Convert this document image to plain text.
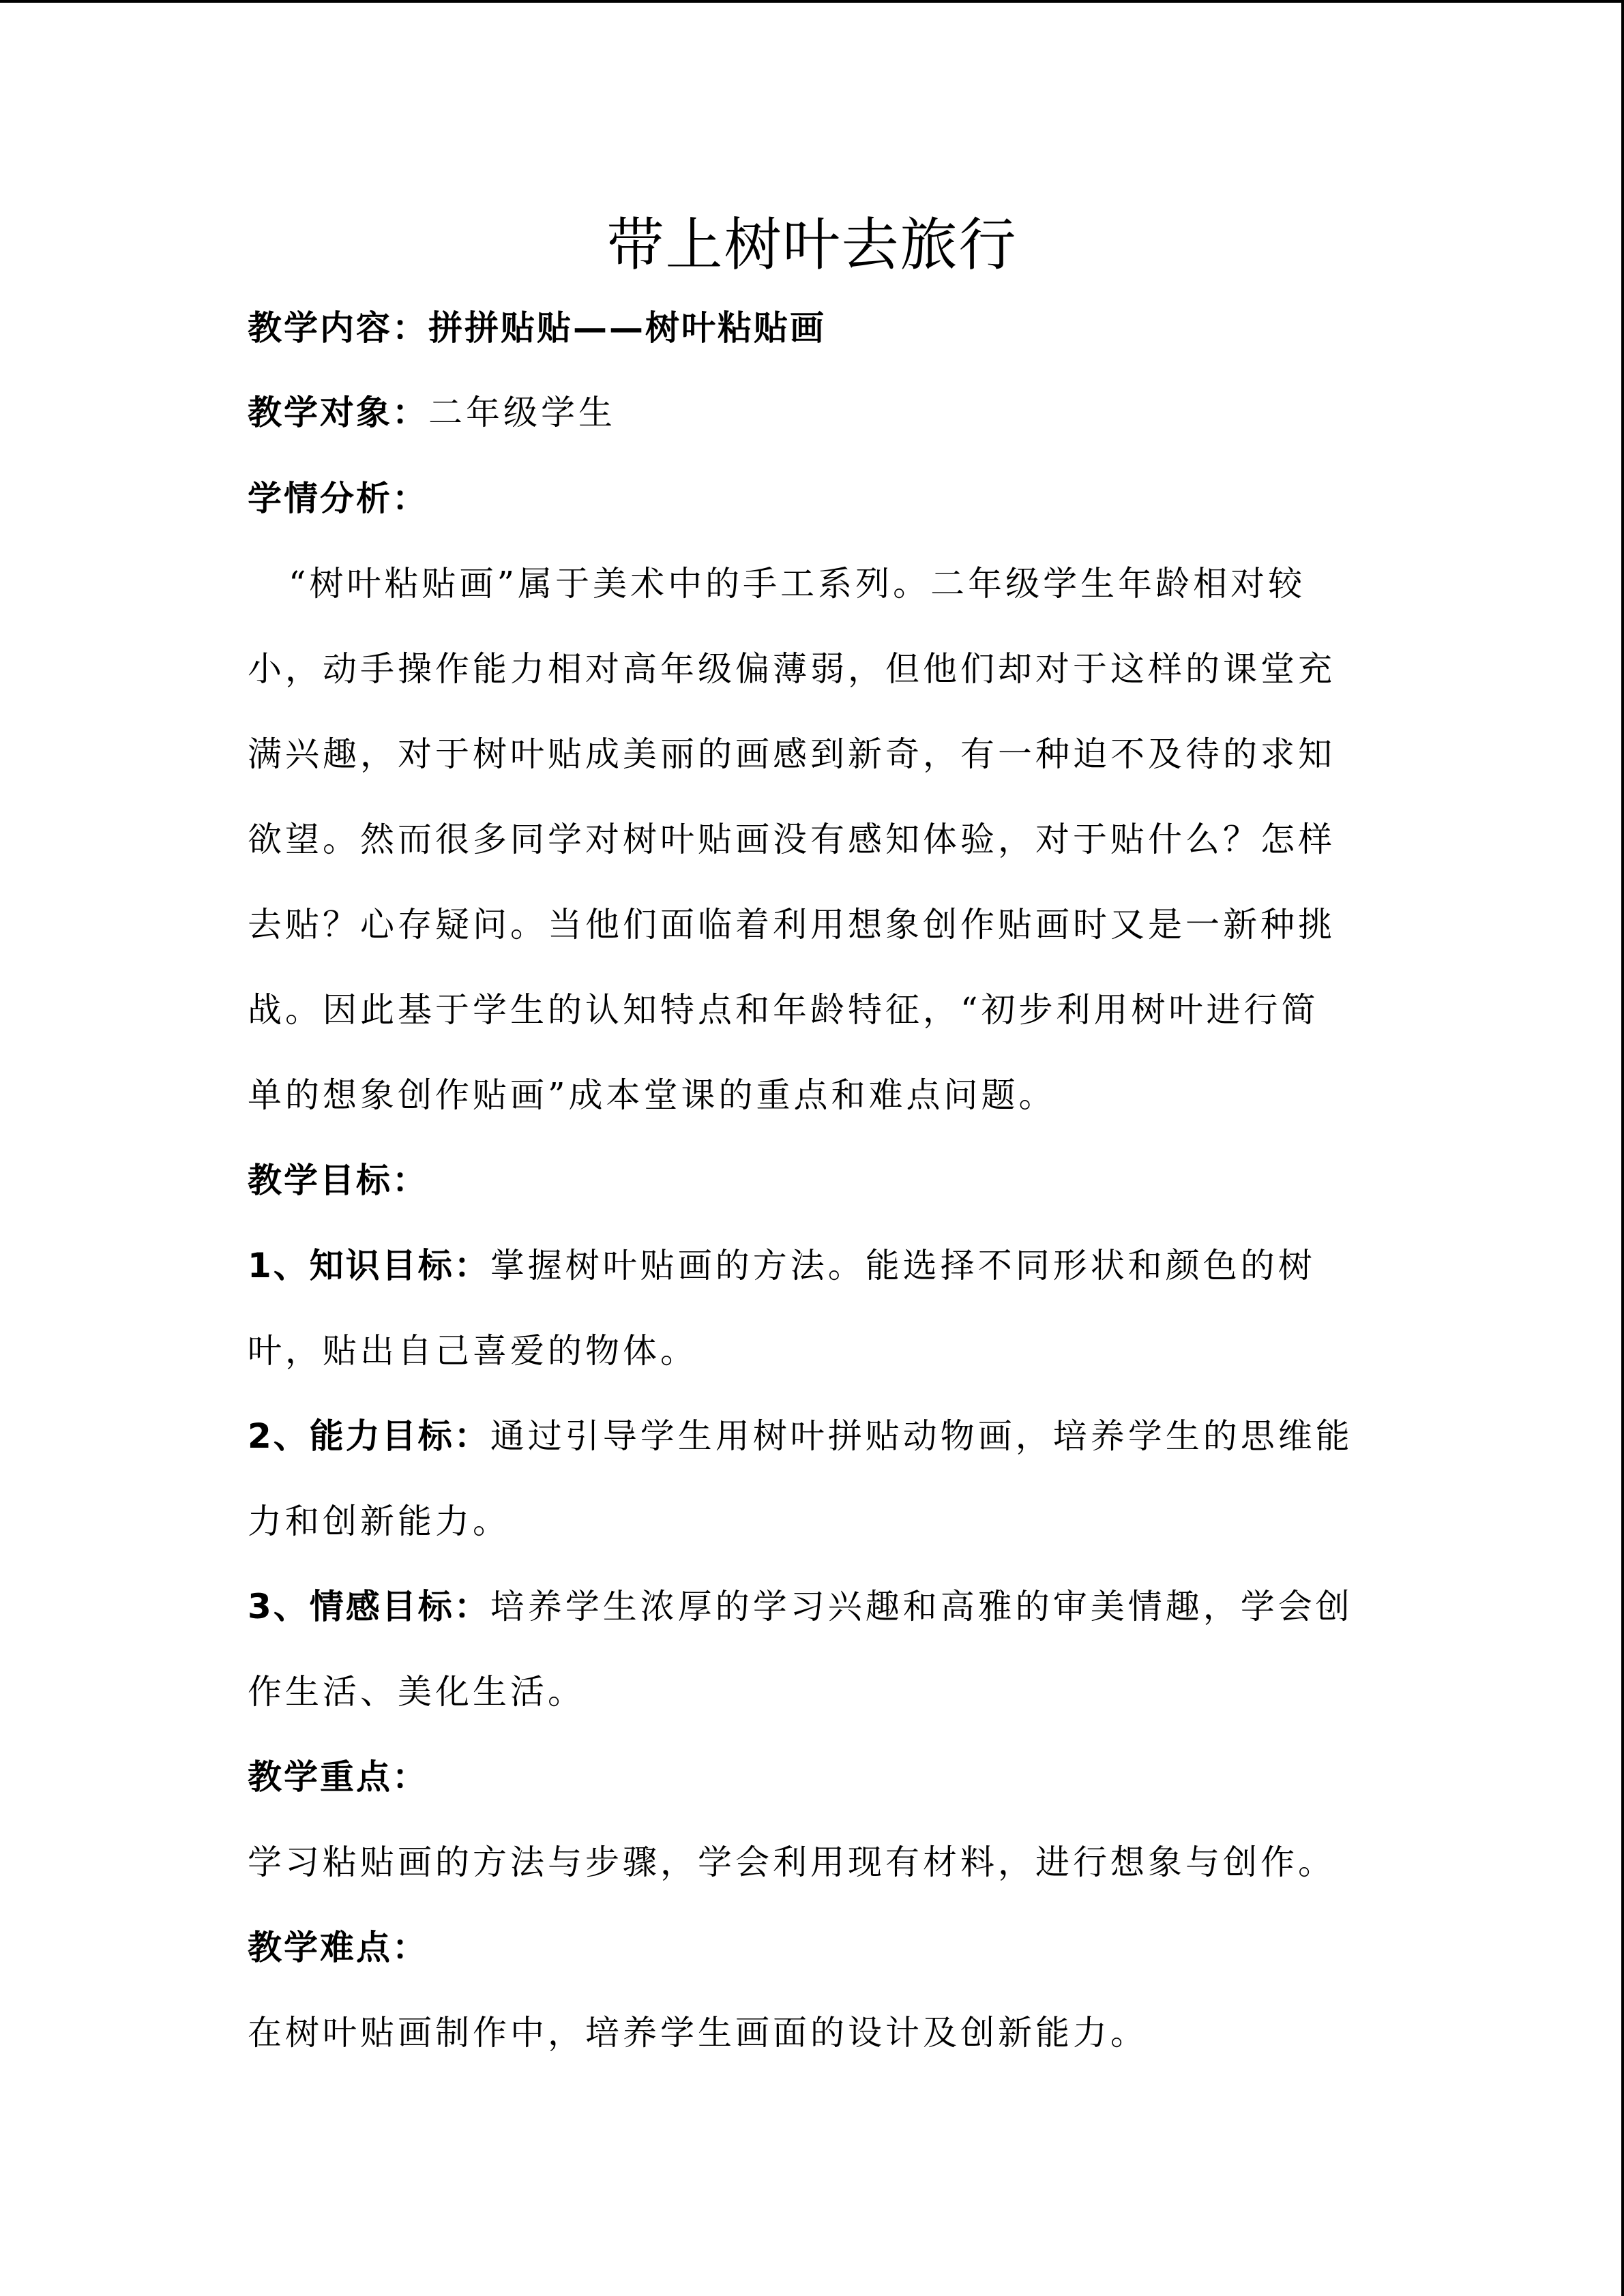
带上树叶去旅行
教学内容：拼拼贴贴——树叶粘贴画
教学对象：二年级学生
学情分析：
“树叶粘贴画”属于美术中的手工系列。二年级学生年龄相对较
小，动手操作能力相对高年级偏薄弱，但他们却对于这样的课堂充
满兴趣，对于树叶贴成美丽的画感到新奇，有一种迫不及待的求知
欲望。然而很多同学对树叶贴画没有感知体验，对于贴什么？怎样
去贴？心存疑问。当他们面临着利用想象创作贴画时又是一新种挑
战。因此基于学生的认知特点和年龄特征，“初步利用树叶进行简
单的想象创作贴画”成本堂课的重点和难点问题。
教学目标：
1、知识目标：掌握树叶贴画的方法。能选择不同形状和颜色的树
叶，贴出自己喜爱的物体。
2、能力目标：通过引导学生用树叶拼贴动物画，培养学生的思维能
力和创新能力。
3、情感目标：培养学生浓厚的学习兴趣和高雅的审美情趣，学会创
作生活、美化生活。
教学重点：
学习粘贴画的方法与步骤，学会利用现有材料，进行想象与创作。
教学难点：
在树叶贴画制作中，培养学生画面的设计及创新能力。
